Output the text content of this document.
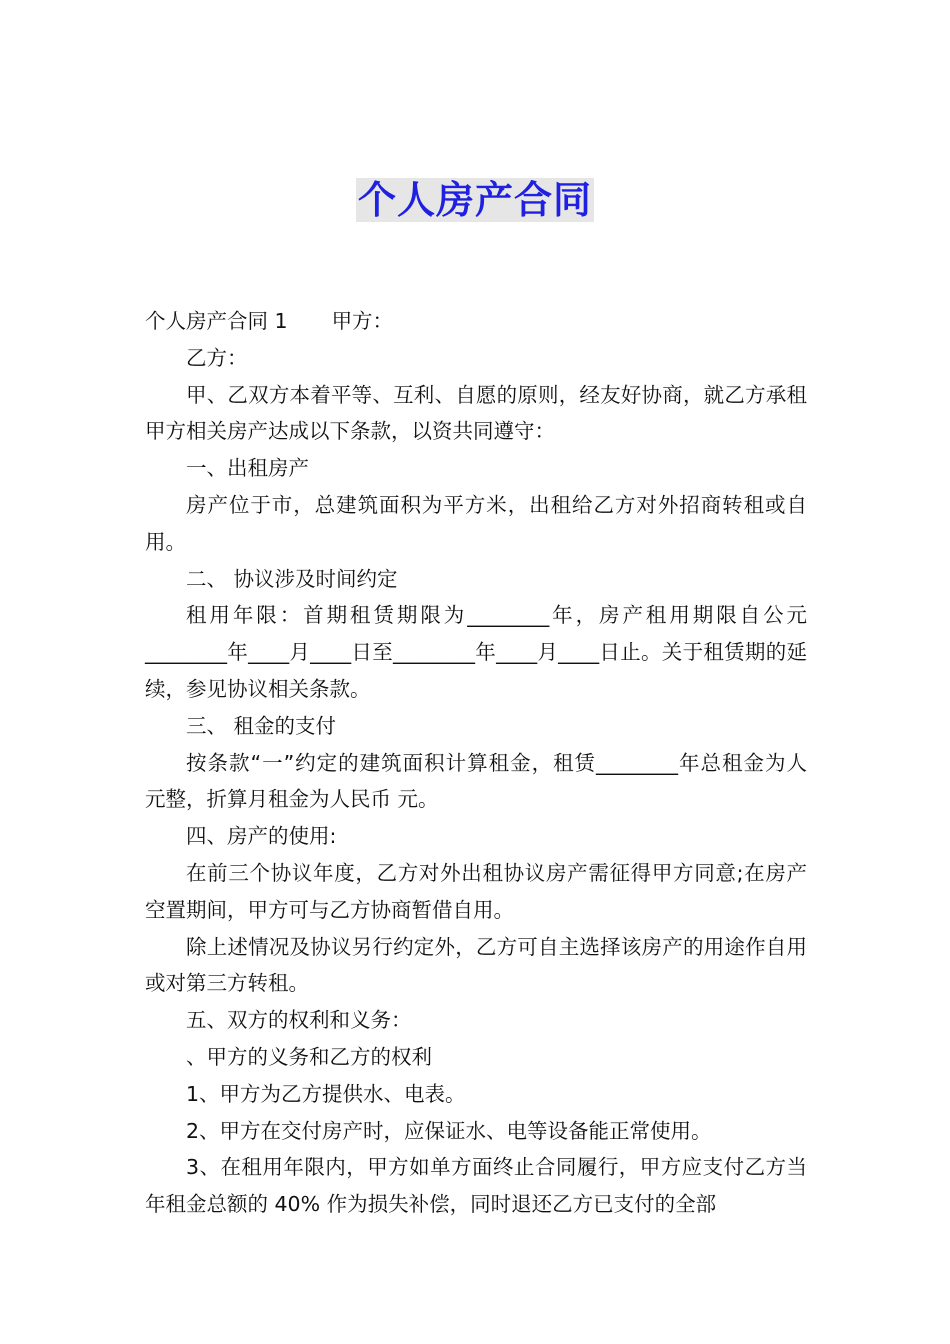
个人房产合同

个人房产合同 1 甲方：

乙方：

甲、乙双方本着平等、互利、自愿的原则，经友好协商，就乙方承租甲方相关房产达成以下条款，以资共同遵守：

一、出租房产

房产位于市，总建筑面积为平方米，出租给乙方对外招商转租或自用。

二、 协议涉及时间约定

租用年限：首期租赁期限为________年，房产租用期限自公元________年____月____日至________年____月____日止。关于租赁期的延续，参见协议相关条款。

三、 租金的支付

按条款“一”约定的建筑面积计算租金，租赁________年总租金为人 元整，折算月租金为人民币 元。

四、房产的使用:

在前三个协议年度，乙方对外出租协议房产需征得甲方同意;在房产空置期间，甲方可与乙方协商暂借自用。

除上述情况及协议另行约定外，乙方可自主选择该房产的用途作自用或对第三方转租。

五、双方的权利和义务：

、甲方的义务和乙方的权利

1、甲方为乙方提供水、电表。

2、甲方在交付房产时，应保证水、电等设备能正常使用。

3、在租用年限内，甲方如单方面终止合同履行，甲方应支付乙方当年租金总额的 40% 作为损失补偿，同时退还乙方已支付的全部
